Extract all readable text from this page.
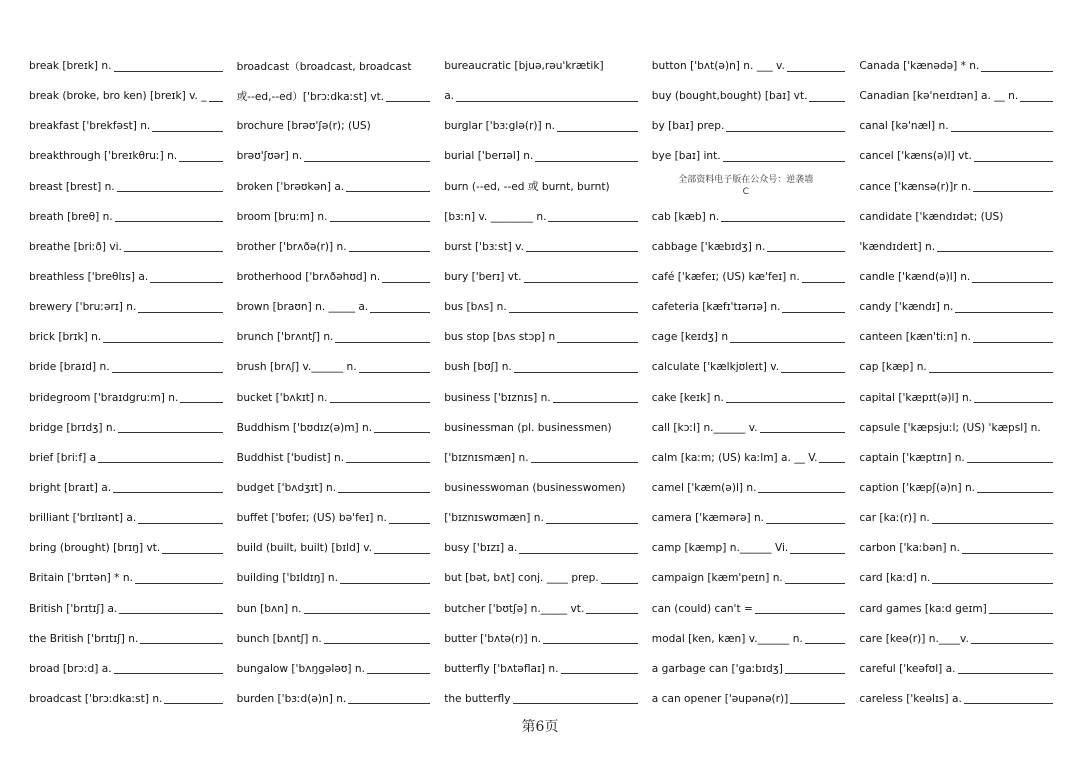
break [breɪk] n.
break (broke, bro ken) [breɪk] v. _
breakfast ['brekfəst] n.
breakthrough ['breɪkθruː] n.
breast [brest] n.
breath [breθ] n.
breathe [briːð] vi.
breathless ['breθlɪs] a.
brewery ['bruːərɪ] n.
brick [brɪk] n.
bride [braɪd] n.
bridegroom ['braɪdgruːm] n.
bridge [brɪdʒ] n.
brief [briːf] a
bright [braɪt] a.
brilliant ['brɪlɪənt] a.
bring (brought) [brɪŋ] vt.
Britain ['brɪtən] * n.
British ['brɪtɪʃ] a.
the British ['brɪtɪʃ] n.
broad [brɔːd] a.
broadcast ['brɔːdkaːst] n.
broadcast（broadcast, broadcast
或--ed,--ed）['brɔːdkaːst] vt.
brochure [brəʊ'ʃə(r); (US)
brəʊ'ʃʊər] n.
broken ['brəʊkən] a.
broom [bruːm] n.
brother ['brʌðə(r)] n.
brotherhood ['brʌðəhʊd] n.
brown [braʊn] n. _____ a.
brunch ['brʌntʃ] n.
brush [brʌʃ] v.______ n.
bucket ['bʌkɪt] n.
Buddhism ['bʊdɪz(ə)m] n.
Buddhist ['budist] n.
budget ['bʌdʒɪt] n.
buffet ['bʊfeɪ; (US) bə'feɪ] n.
build (built, built) [bɪld] v.
building ['bɪldɪŋ] n.
bun [bʌn] n.
bunch [bʌntʃ] n.
bungalow ['bʌŋgələʊ] n.
burden ['bɜːd(ə)n] n.
bureaucratic [bjuə,rəu'krætik]
a.
burglar ['bɜːglə(r)] n.
burial ['berɪəl] n.
burn (--ed, --ed 或 burnt, burnt)
[bɜːn] v. ________ n.
burst ['bɜːst] v.
bury ['berɪ] vt.
bus [bʌs] n.
bus stop [bʌs stɔp] n
bush [bʊʃ] n.
business ['bɪznɪs] n.
businessman (pl. businessmen)
['bɪznɪsmæn] n.
businesswoman (businesswomen)
['bɪznɪswʊmæn] n.
busy ['bɪzɪ] a.
but [bət, bʌt] conj. ____ prep.
butcher ['bʊtʃə] n._____ vt.
butter ['bʌtə(r)] n.
butterfly ['bʌtəflaɪ] n.
the butterfly
button ['bʌt(ə)n] n. ___ v.
buy (bought,bought) [baɪ] vt.
by [baɪ] prep.
bye [baɪ] int.
全部资料电子版在公众号：逆袭墙
C
cab [kæb] n.
cabbage ['kæbɪdʒ] n.
café ['kæfeɪ; (US) kæ'feɪ] n.
cafeteria [kæfɪ'tɪərɪə] n.
cage [keɪdʒ] n
calculate ['kælkjʊleɪt] v.
cake [keɪk] n.
call [kɔːl] n.______ v.
calm [kaːm; (US) kaːlm] a. __ V.
camel ['kæm(ə)l] n.
camera ['kæmərə] n.
camp [kæmp] n.______ Vi.
campaign [kæm'peɪn] n.
can (could) can't =
modal [ken, kæn] v.______ n.
a garbage can ['gaːbɪdʒ]
a can opener ['əupənə(r)]
Canada ['kænədə] * n.
Canadian [kə'neɪdɪən] a. __ n.
canal [kə'næl] n.
cancel ['kæns(ə)l] vt.
cance ['kænsə(r)]r n.
candidate ['kændɪdət; (US)
'kændɪdeɪt] n.
candle ['kænd(ə)l] n.
candy ['kændɪ] n.
canteen [kæn'tiːn] n.
cap [kæp] n.
capital ['kæpɪt(ə)l] n.
capsule ['kæpsjuːl; (US) 'kæpsl] n.
captain ['kæptɪn] n.
caption ['kæpʃ(ə)n] n.
car [kaː(r)] n.
carbon ['kaːbən] n.
card [kaːd] n.
card games [kaːd geɪm]
care [keə(r)] n.____v.
careful ['keəfʊl] a.
careless ['keəlɪs] a.
第6页
